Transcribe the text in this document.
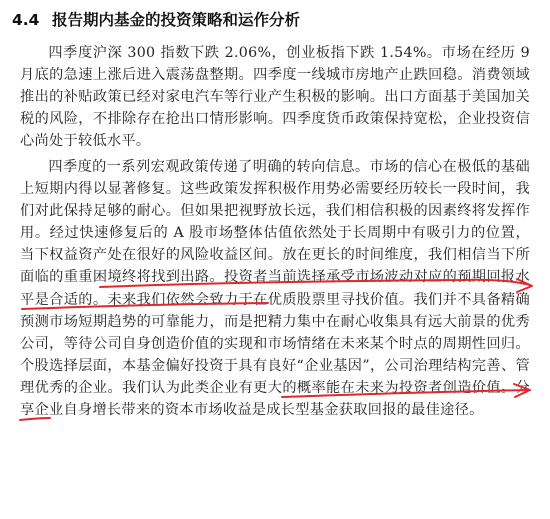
4.4 报告期内基金的投资策略和运作分析

四季度沪深 300 指数下跌 2.06%，创业板指下跌 1.54%。市场在经历 9 月底的急速上涨后进入震荡盘整期。四季度一线城市房地产止跌回稳。消费领域推出的补贴政策已经对家电汽车等行业产生积极的影响。出口方面基于美国加关税的风险，不排除存在抢出口情形影响。四季度货币政策保持宽松，企业投资信心尚处于较低水平。

四季度的一系列宏观政策传递了明确的转向信息。市场的信心在极低的基础上短期内得以显著修复。这些政策发挥积极作用势必需要经历较长一段时间，我们对此保持足够的耐心。但如果把视野放长远，我们相信积极的因素终将发挥作用。经过快速修复后的 A 股市场整体估值依然处于长周期中有吸引力的位置，当下权益资产处在很好的风险收益区间。放在更长的时间维度，我们相信当下所面临的重重困境终将找到出路。投资者当前选择承受市场波动对应的预期回报水平是合适的。未来我们依然会致力于在优质股票里寻找价值。我们并不具备精确预测市场短期趋势的可靠能力，而是把精力集中在耐心收集具有远大前景的优秀公司，等待公司自身创造价值的实现和市场情绪在未来某个时点的周期性回归。个股选择层面，本基金偏好投资于具有良好“企业基因”，公司治理结构完善、管理优秀的企业。我们认为此类企业有更大的概率能在未来为投资者创造价值。分享企业自身增长带来的资本市场收益是成长型基金获取回报的最佳途径。
